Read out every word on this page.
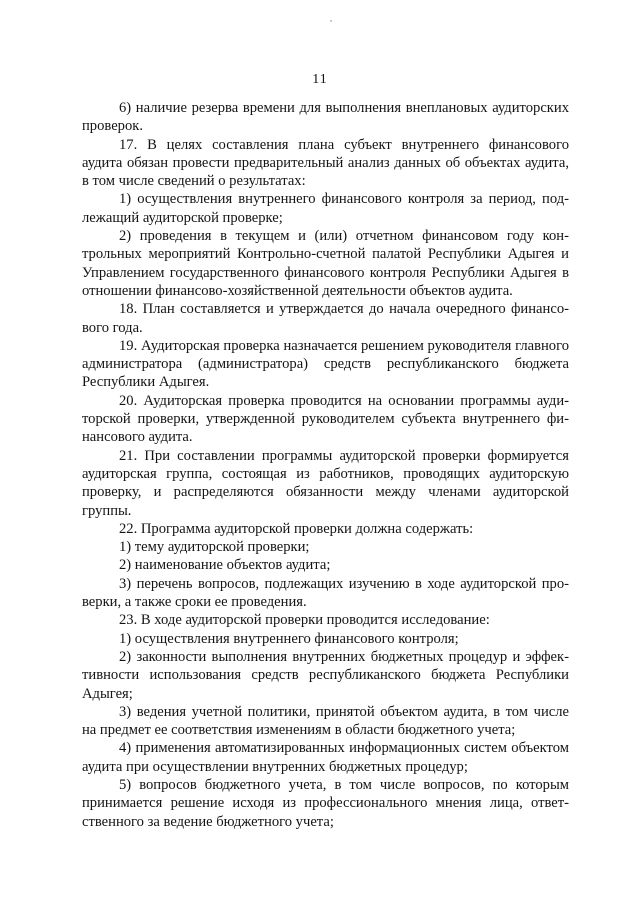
11

6) наличие резерва времени для выполнения внеплановых аудиторских проверок.

17. В целях составления плана субъект внутреннего финансового аудита обязан провести предварительный анализ данных об объектах аудита, в том числе сведений о результатах:

1) осуществления внутреннего финансового контроля за период, подлежащий аудиторской проверке;

2) проведения в текущем и (или) отчетном финансовом году контрольных мероприятий Контрольно-счетной палатой Республики Адыгея и Управлением государственного финансового контроля Республики Адыгея в отношении финансово-хозяйственной деятельности объектов аудита.

18. План составляется и утверждается до начала очередного финансового года.

19. Аудиторская проверка назначается решением руководителя главного администратора (администратора) средств республиканского бюджета Республики Адыгея.

20. Аудиторская проверка проводится на основании программы аудиторской проверки, утвержденной руководителем субъекта внутреннего финансового аудита.

21. При составлении программы аудиторской проверки формируется аудиторская группа, состоящая из работников, проводящих аудиторскую проверку, и распределяются обязанности между членами аудиторской группы.

22. Программа аудиторской проверки должна содержать:

1) тему аудиторской проверки;

2) наименование объектов аудита;

3) перечень вопросов, подлежащих изучению в ходе аудиторской проверки, а также сроки ее проведения.

23. В ходе аудиторской проверки проводится исследование:

1) осуществления внутреннего финансового контроля;

2) законности выполнения внутренних бюджетных процедур и эффективности использования средств республиканского бюджета Республики Адыгея;

3) ведения учетной политики, принятой объектом аудита, в том числе на предмет ее соответствия изменениям в области бюджетного учета;

4) применения автоматизированных информационных систем объектом аудита при осуществлении внутренних бюджетных процедур;

5) вопросов бюджетного учета, в том числе вопросов, по которым принимается решение исходя из профессионального мнения лица, ответственного за ведение бюджетного учета;
